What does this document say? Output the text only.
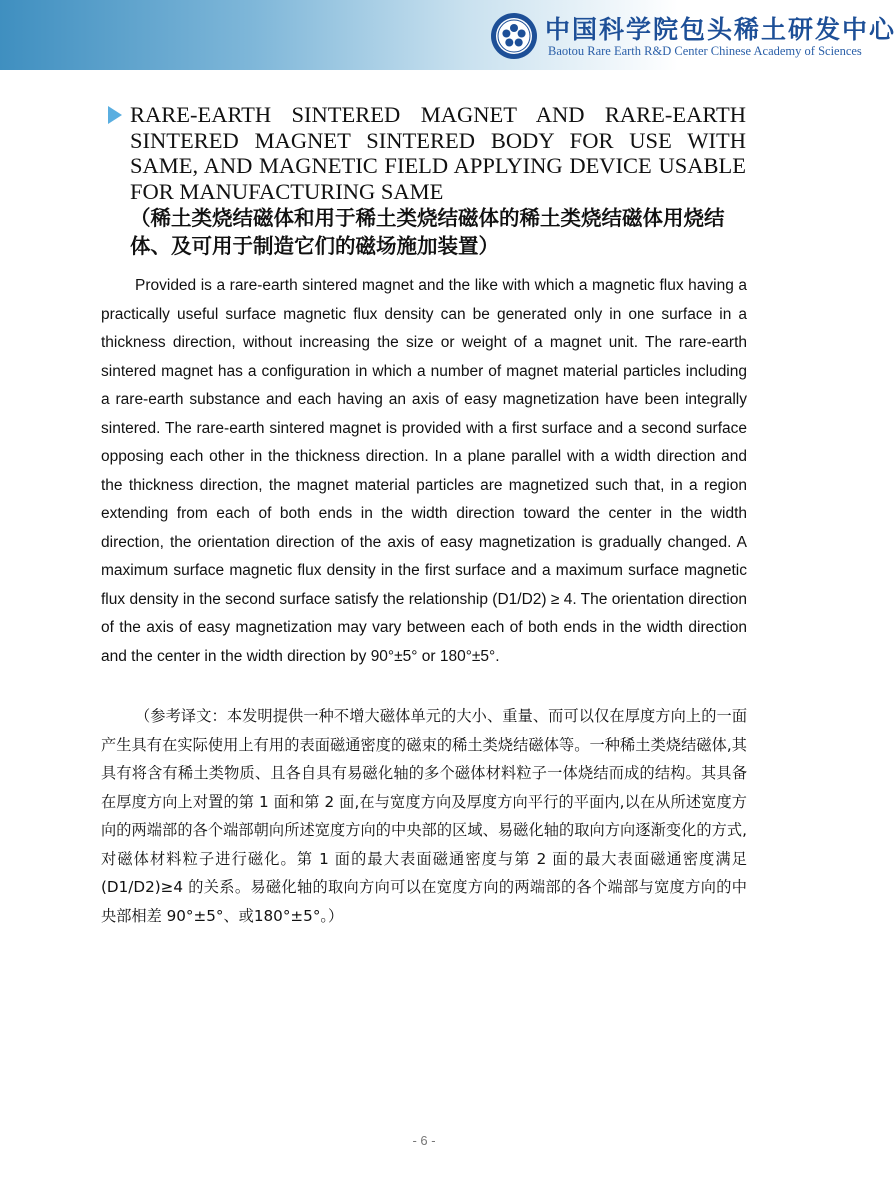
中国科学院包头稀土研发中心
Baotou Rare Earth R&D Center Chinese Academy of Sciences
RARE-EARTH SINTERED MAGNET AND RARE-EARTH SINTERED MAGNET SINTERED BODY FOR USE WITH SAME, AND MAGNETIC FIELD APPLYING DEVICE USABLE FOR MANUFACTURING SAME
（稀土类烧结磁体和用于稀土类烧结磁体的稀土类烧结磁体用烧结体、及可用于制造它们的磁场施加装置）

Provided is a rare-earth sintered magnet and the like with which a magnetic flux having a practically useful surface magnetic flux density can be generated only in one surface in a thickness direction, without increasing the size or weight of a magnet unit. The rare-earth sintered magnet has a configuration in which a number of magnet material particles including a rare-earth substance and each having an axis of easy magnetization have been integrally sintered. The rare-earth sintered magnet is provided with a first surface and a second surface opposing each other in the thickness direction. In a plane parallel with a width direction and the thickness direction, the magnet material particles are magnetized such that, in a region extending from each of both ends in the width direction toward the center in the width direction, the orientation direction of the axis of easy magnetization is gradually changed. A maximum surface magnetic flux density in the first surface and a maximum surface magnetic flux density in the second surface satisfy the relationship (D1/D2) ≥ 4. The orientation direction of the axis of easy magnetization may vary between each of both ends in the width direction and the center in the width direction by 90°±5° or 180°±5°.

（参考译文：本发明提供一种不增大磁体单元的大小、重量、而可以仅在厚度方向上的一面产生具有在实际使用上有用的表面磁通密度的磁束的稀土类烧结磁体等。一种稀土类烧结磁体,其具有将含有稀土类物质、且各自具有易磁化轴的多个磁体材料粒子一体烧结而成的结构。其具备在厚度方向上对置的第 1 面和第 2 面,在与宽度方向及厚度方向平行的平面内,以在从所述宽度方向的两端部的各个端部朝向所述宽度方向的中央部的区域、易磁化轴的取向方向逐渐变化的方式,对磁体材料粒子进行磁化。第 1 面的最大表面磁通密度与第 2 面的最大表面磁通密度满足(D1/D2)≥4 的关系。易磁化轴的取向方向可以在宽度方向的两端部的各个端部与宽度方向的中央部相差 90°±5°、或180°±5°。）

- 6 -
